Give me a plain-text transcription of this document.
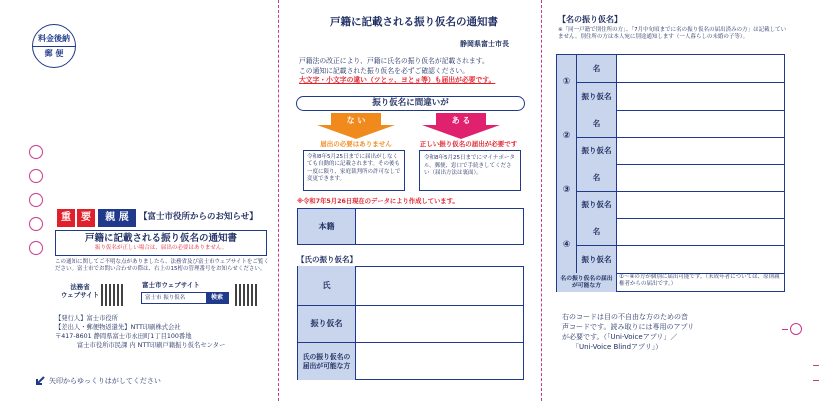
料金後納
郵 便
重	要	親 展	【富士市役所からのお知らせ】
戸籍に記載される振り仮名の通知書
振り仮名が正しい場合は、届出の必要はありません。
この通知に関してご不明な点がありましたら、法務省及び富士市ウェブサイトをご覧ください。富士市でお問い合わせの際は、右上の15桁の管理番号をお知らせください。
法務省
ウェブサイト
富士市ウェブサイト
富士市 振り仮名	検索
【発行人】富士市役所
【差出人・郵便物返還先】NTT印刷株式会社
〒417-8601 静岡県富士市永田町1丁目100番地
富士市役所市民課 内 NTT印刷戸籍振り仮名センター
矢印からゆっくりはがしてください
戸籍に記載される振り仮名の通知書
静岡県富士市長
戸籍法の改正により、戸籍に氏名の振り仮名が記載されます。
この通知に記載された振り仮名を必ずご確認ください。
大文字・小文字の違い（ツとッ、ヨとョ等）も届出が必要です。
振り仮名に間違いが
な い	あ る
届出の必要はありません	正しい振り仮名の届出が必要です
令和8年5月25日までに届出がしなくても自動的に記載されます。その後も一度に限り、家庭裁判所の許可なしで変更できます。
令和8年5月25日までにマイナポータル、郵便、窓口で手続きしてください（届出方法は裏面）。
※令和7年5月26日現在のデータにより作成しています。
本籍
【氏の振り仮名】
氏
振り仮名
氏の振り仮名の届出が可能な方
【名の振り仮名】
※「同一戸籍で別住所の方」、「7月中旬頃までに名の振り仮名の届出済みの方」は記載していません。別住所の方は本人宛に別途通知します（一人暮らしの未婚の子等）。
①
名
振り仮名
②
名
振り仮名
③
名
振り仮名
④
名
振り仮名
名の振り仮名の届出が可能な方
①～④の方が個別に届出可能です。（未成年者については、原則親権者からの届出です。）
右のコードは目の不自由な方のための音
声コードです。読み取りには専用のアプリ
が必要です。（「Uni-Voiceアプリ」／
「Uni-Voice Blindアプリ」）
